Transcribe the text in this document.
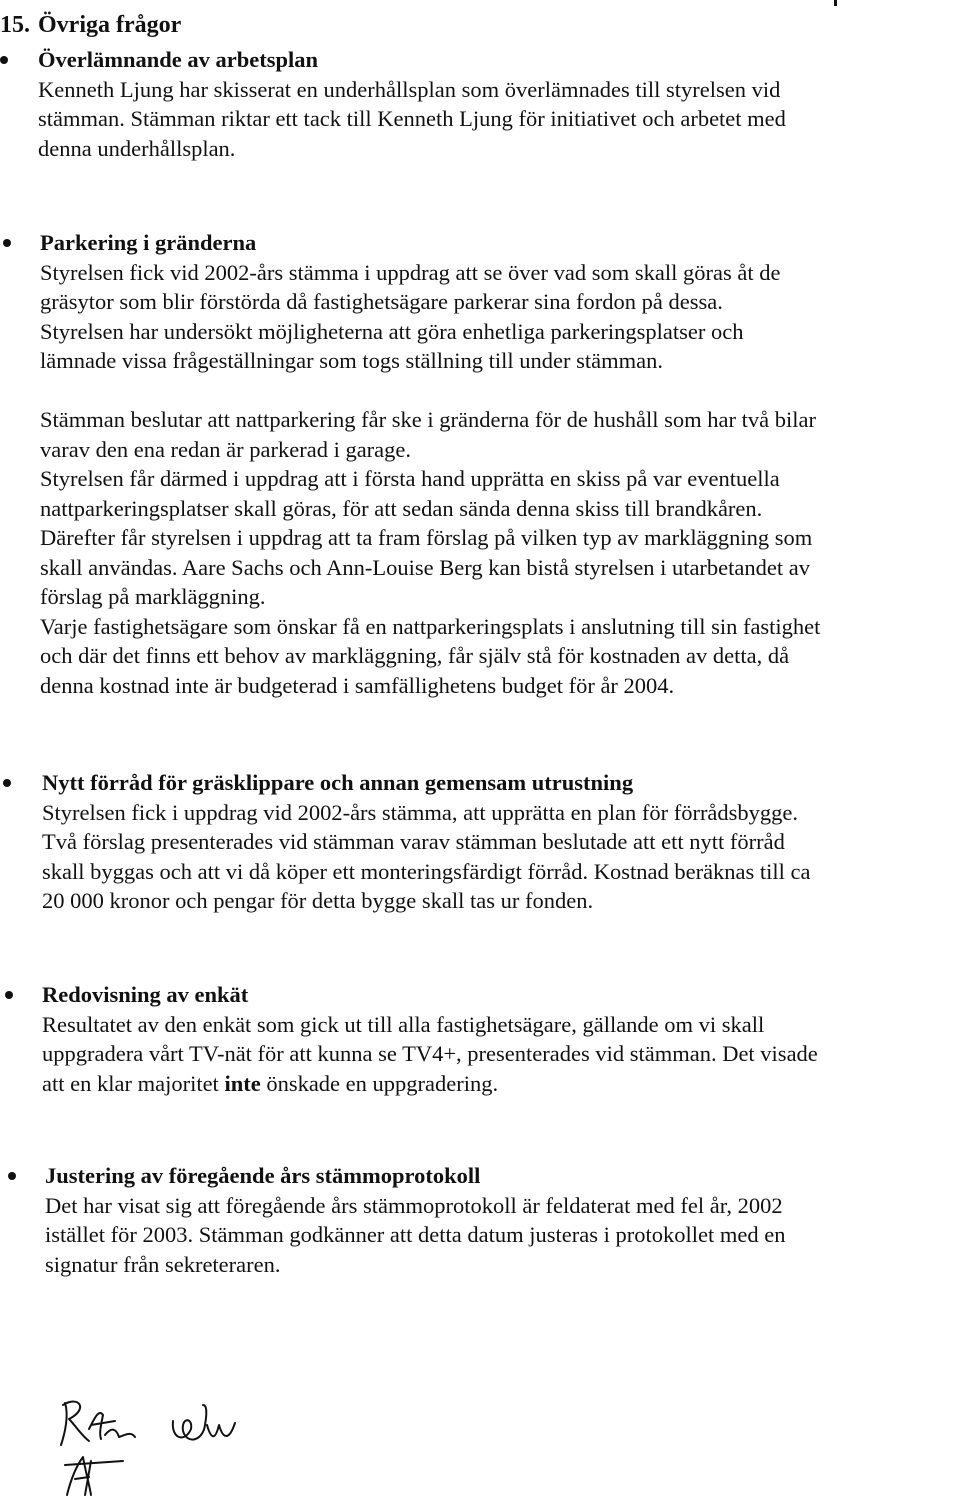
15. Övriga frågor
Överlämnande av arbetsplan

Kenneth Ljung har skisserat en underhållsplan som överlämnades till styrelsen vid

stämman. Stämman riktar ett tack till Kenneth Ljung för initiativet och arbetet med

denna underhållsplan.

Parkering i gränderna

Styrelsen fick vid 2002-års stämma i uppdrag att se över vad som skall göras åt de

gräsytor som blir förstörda då fastighetsägare parkerar sina fordon på dessa.

Styrelsen har undersökt möjligheterna att göra enhetliga parkeringsplatser och

lämnade vissa frågeställningar som togs ställning till under stämman.

Stämman beslutar att nattparkering får ske i gränderna för de hushåll som har två bilar

varav den ena redan är parkerad i garage.

Styrelsen får därmed i uppdrag att i första hand upprätta en skiss på var eventuella

nattparkeringsplatser skall göras, för att sedan sända denna skiss till brandkåren.

Därefter får styrelsen i uppdrag att ta fram förslag på vilken typ av markläggning som

skall användas. Aare Sachs och Ann-Louise Berg kan bistå styrelsen i utarbetandet av

förslag på markläggning.

Varje fastighetsägare som önskar få en nattparkeringsplats i anslutning till sin fastighet

och där det finns ett behov av markläggning, får själv stå för kostnaden av detta, då

denna kostnad inte är budgeterad i samfällighetens budget för år 2004.

Nytt förråd för gräsklippare och annan gemensam utrustning

Styrelsen fick i uppdrag vid 2002-års stämma, att upprätta en plan för förrådsbygge.

Två förslag presenterades vid stämman varav stämman beslutade att ett nytt förråd

skall byggas och att vi då köper ett monteringsfärdigt förråd. Kostnad beräknas till ca

20 000 kronor och pengar för detta bygge skall tas ur fonden.

Redovisning av enkät

Resultatet av den enkät som gick ut till alla fastighetsägare, gällande om vi skall

uppgradera vårt TV-nät för att kunna se TV4+, presenterades vid stämman. Det visade

att en klar majoritet inte önskade en uppgradering.

Justering av föregående års stämmoprotokoll

Det har visat sig att föregående års stämmoprotokoll är feldaterat med fel år, 2002

istället för 2003. Stämman godkänner att detta datum justeras i protokollet med en

signatur från sekreteraren.
